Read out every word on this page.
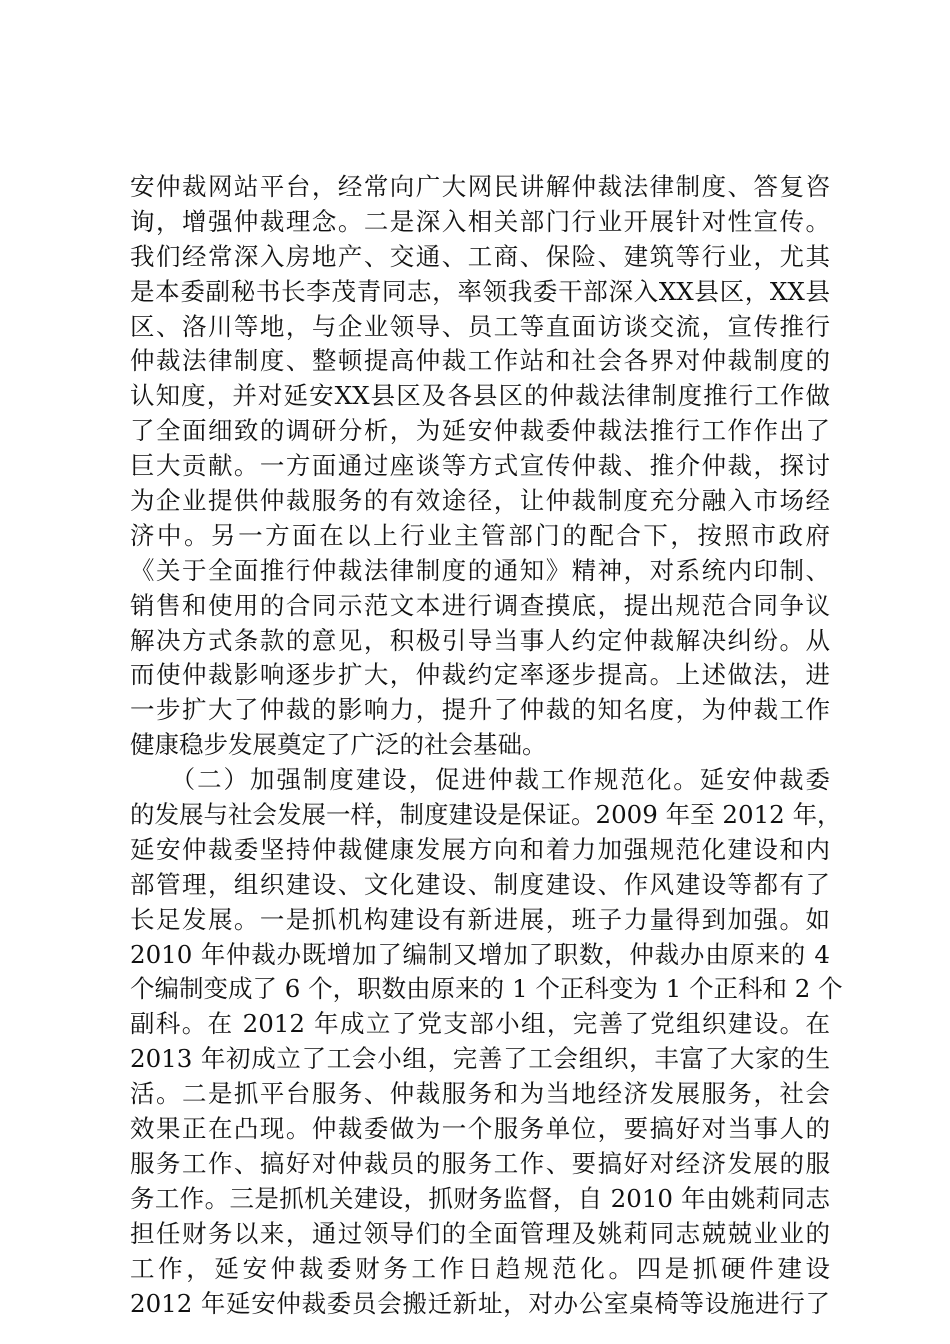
安仲裁网站平台，经常向广大网民讲解仲裁法律制度、答复咨
询，增强仲裁理念。二是深入相关部门行业开展针对性宣传。
我们经常深入房地产、交通、工商、保险、建筑等行业，尤其
是本委副秘书长李茂青同志，率领我委干部深入XX县区，XX县
区、洛川等地，与企业领导、员工等直面访谈交流，宣传推行
仲裁法律制度、整顿提高仲裁工作站和社会各界对仲裁制度的
认知度，并对延安XX县区及各县区的仲裁法律制度推行工作做
了全面细致的调研分析，为延安仲裁委仲裁法推行工作作出了
巨大贡献。一方面通过座谈等方式宣传仲裁、推介仲裁，探讨
为企业提供仲裁服务的有效途径，让仲裁制度充分融入市场经
济中。另一方面在以上行业主管部门的配合下，按照市政府
《关于全面推行仲裁法律制度的通知》精神，对系统内印制、
销售和使用的合同示范文本进行调查摸底，提出规范合同争议
解决方式条款的意见，积极引导当事人约定仲裁解决纠纷。从
而使仲裁影响逐步扩大，仲裁约定率逐步提高。上述做法，进
一步扩大了仲裁的影响力，提升了仲裁的知名度，为仲裁工作
健康稳步发展奠定了广泛的社会基础。
　　（二）加强制度建设，促进仲裁工作规范化。延安仲裁委
的发展与社会发展一样，制度建设是保证。2009 年至 2012 年，
延安仲裁委坚持仲裁健康发展方向和着力加强规范化建设和内
部管理，组织建设、文化建设、制度建设、作风建设等都有了
长足发展。一是抓机构建设有新进展，班子力量得到加强。如
2010 年仲裁办既增加了编制又增加了职数，仲裁办由原来的 4
个编制变成了 6 个，职数由原来的 1 个正科变为 1 个正科和 2 个
副科。在 2012 年成立了党支部小组，完善了党组织建设。在
2013 年初成立了工会小组，完善了工会组织，丰富了大家的生
活。二是抓平台服务、仲裁服务和为当地经济发展服务，社会
效果正在凸现。仲裁委做为一个服务单位，要搞好对当事人的
服务工作、搞好对仲裁员的服务工作、要搞好对经济发展的服
务工作。三是抓机关建设，抓财务监督，自 2010 年由姚莉同志
担任财务以来，通过领导们的全面管理及姚莉同志兢兢业业的
工作，延安仲裁委财务工作日趋规范化。四是抓硬件建设
2012 年延安仲裁委员会搬迁新址，对办公室桌椅等设施进行了
